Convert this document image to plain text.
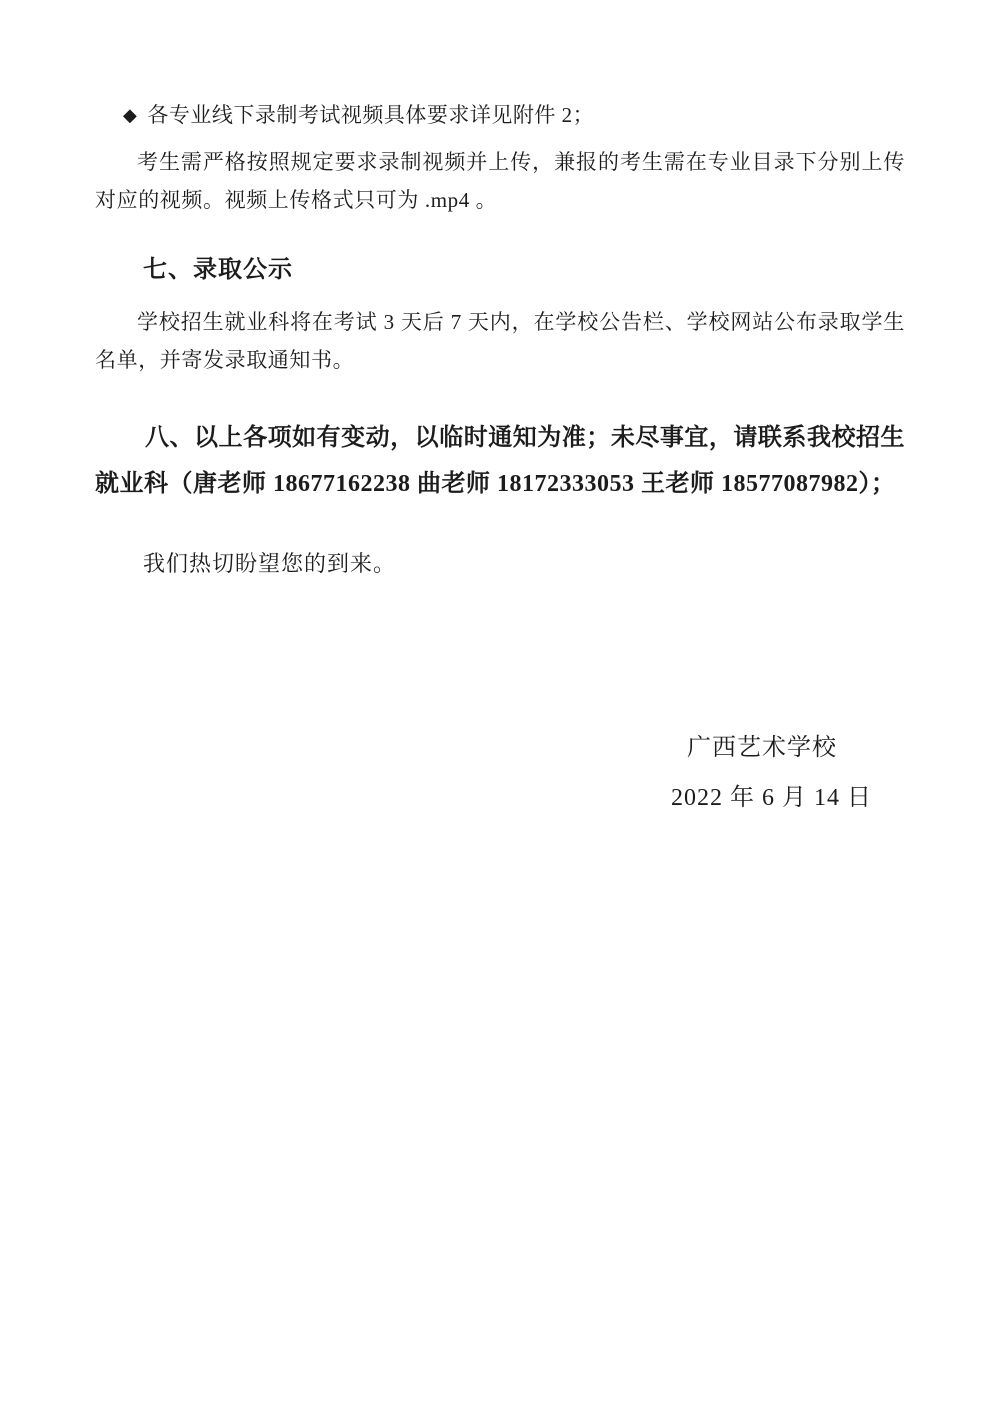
◆ 各专业线下录制考试视频具体要求详见附件 2；

考生需严格按照规定要求录制视频并上传，兼报的考生需在专业目录下分别上传对应的视频。视频上传格式只可为 .mp4 。

七、录取公示

学校招生就业科将在考试 3 天后 7 天内，在学校公告栏、学校网站公布录取学生名单，并寄发录取通知书。

八、以上各项如有变动，以临时通知为准；未尽事宜，请联系我校招生就业科（唐老师 18677162238 曲老师 18172333053 王老师 18577087982）；

我们热切盼望您的到来。

广西艺术学校
2022 年 6 月 14 日
